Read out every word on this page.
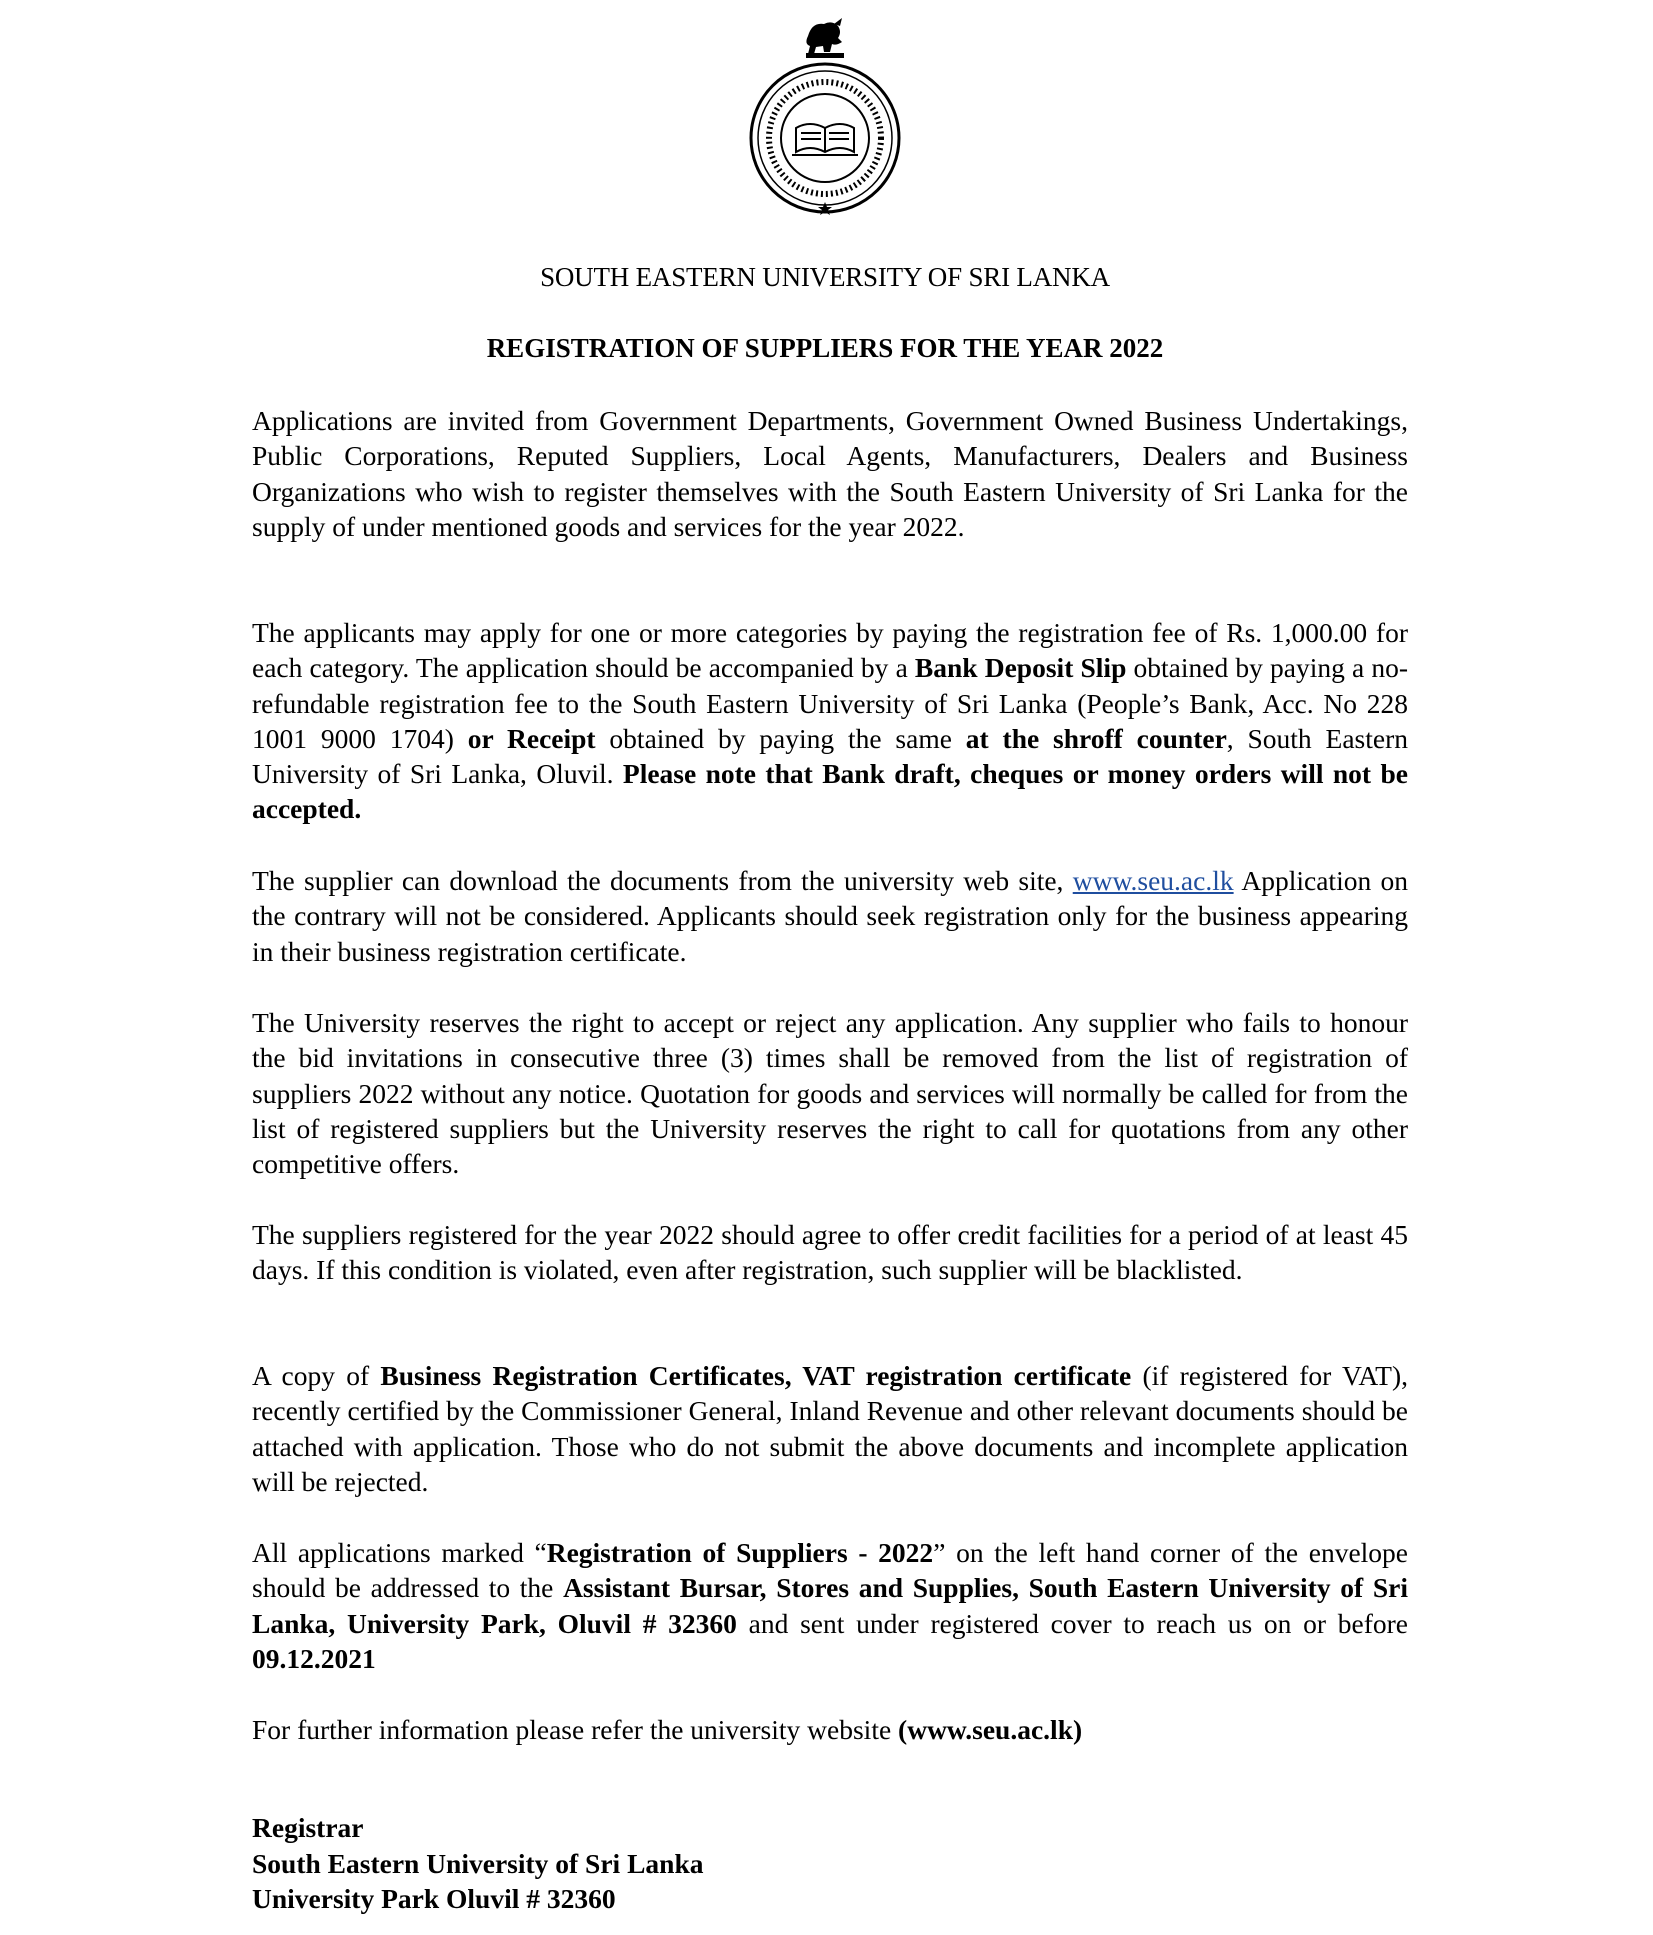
SOUTH EASTERN UNIVERSITY OF SRI LANKA
REGISTRATION OF SUPPLIERS FOR THE YEAR 2022

Applications are invited from Government Departments, Government Owned Business Undertakings, Public Corporations, Reputed Suppliers, Local Agents, Manufacturers, Dealers and Business Organizations who wish to register themselves with the South Eastern University of Sri Lanka for the supply of under mentioned goods and services for the year 2022.

The applicants may apply for one or more categories by paying the registration fee of Rs. 1,000.00 for each category. The application should be accompanied by a Bank Deposit Slip obtained by paying a no-refundable registration fee to the South Eastern University of Sri Lanka (People’s Bank, Acc. No 228 1001 9000 1704) or Receipt obtained by paying the same at the shroff counter, South Eastern University of Sri Lanka, Oluvil. Please note that Bank draft, cheques or money orders will not be accepted.

The supplier can download the documents from the university web site, www.seu.ac.lk Application on the contrary will not be considered. Applicants should seek registration only for the business appearing in their business registration certificate.

The University reserves the right to accept or reject any application. Any supplier who fails to honour the bid invitations in consecutive three (3) times shall be removed from the list of registration of suppliers 2022 without any notice. Quotation for goods and services will normally be called for from the list of registered suppliers but the University reserves the right to call for quotations from any other competitive offers.

The suppliers registered for the year 2022 should agree to offer credit facilities for a period of at least 45 days. If this condition is violated, even after registration, such supplier will be blacklisted.

A copy of Business Registration Certificates, VAT registration certificate (if registered for VAT), recently certified by the Commissioner General, Inland Revenue and other relevant documents should be attached with application. Those who do not submit the above documents and incomplete application will be rejected.

All applications marked “Registration of Suppliers - 2022” on the left hand corner of the envelope should be addressed to the Assistant Bursar, Stores and Supplies, South Eastern University of Sri Lanka, University Park, Oluvil # 32360 and sent under registered cover to reach us on or before 09.12.2021

For further information please refer the university website (www.seu.ac.lk)

Registrar
South Eastern University of Sri Lanka
University Park Oluvil # 32360
